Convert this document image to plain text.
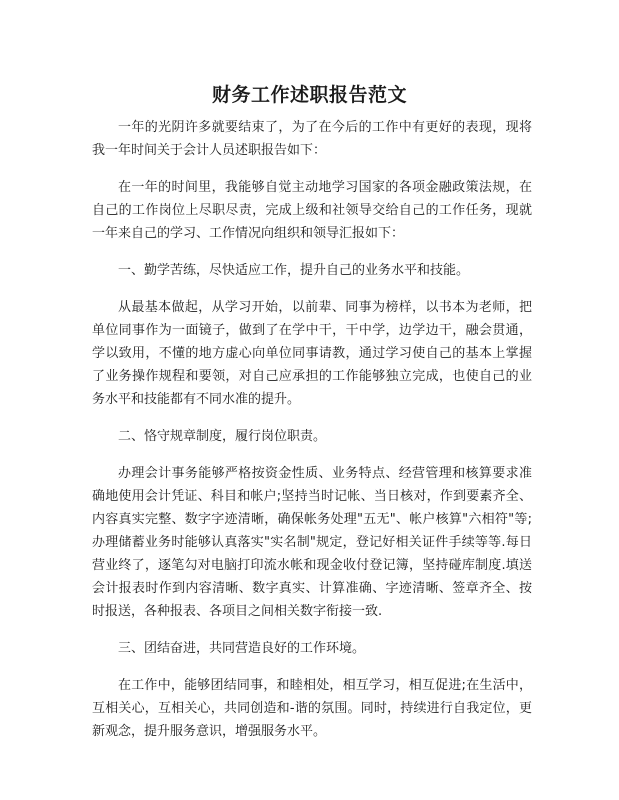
财务工作述职报告范文

一年的光阴许多就要结束了，为了在今后的工作中有更好的表现，现将我一年时间关于会计人员述职报告如下：

在一年的时间里，我能够自觉主动地学习国家的各项金融政策法规，在自己的工作岗位上尽职尽责，完成上级和社领导交给自己的工作任务，现就一年来自己的学习、工作情况向组织和领导汇报如下：

一、勤学苦练，尽快适应工作，提升自己的业务水平和技能。

从最基本做起，从学习开始，以前辈、同事为榜样，以书本为老师，把单位同事作为一面镜子，做到了在学中干，干中学，边学边干，融会贯通，学以致用，不懂的地方虚心向单位同事请教，通过学习使自己的基本上掌握了业务操作规程和要领，对自己应承担的工作能够独立完成，也使自己的业务水平和技能都有不同水准的提升。

二、恪守规章制度，履行岗位职责。

办理会计事务能够严格按资金性质、业务特点、经营管理和核算要求准确地使用会计凭证、科目和帐户;坚持当时记帐、当日核对，作到要素齐全、内容真实完整、数字字迹清晰，确保帐务处理"五无"、帐户核算"六相符"等;办理储蓄业务时能够认真落实"实名制"规定，登记好相关证件手续等等.每日营业终了，逐笔勾对电脑打印流水帐和现金收付登记簿，坚持碰库制度.填送会计报表时作到内容清晰、数字真实、计算准确、字迹清晰、签章齐全、按时报送，各种报表、各项目之间相关数字衔接一致.

三、团结奋进，共同营造良好的工作环境。

在工作中，能够团结同事，和睦相处，相互学习，相互促进;在生活中，互相关心，互相关心，共同创造和-谐的氛围。同时，持续进行自我定位，更新观念，提升服务意识，增强服务水平。
